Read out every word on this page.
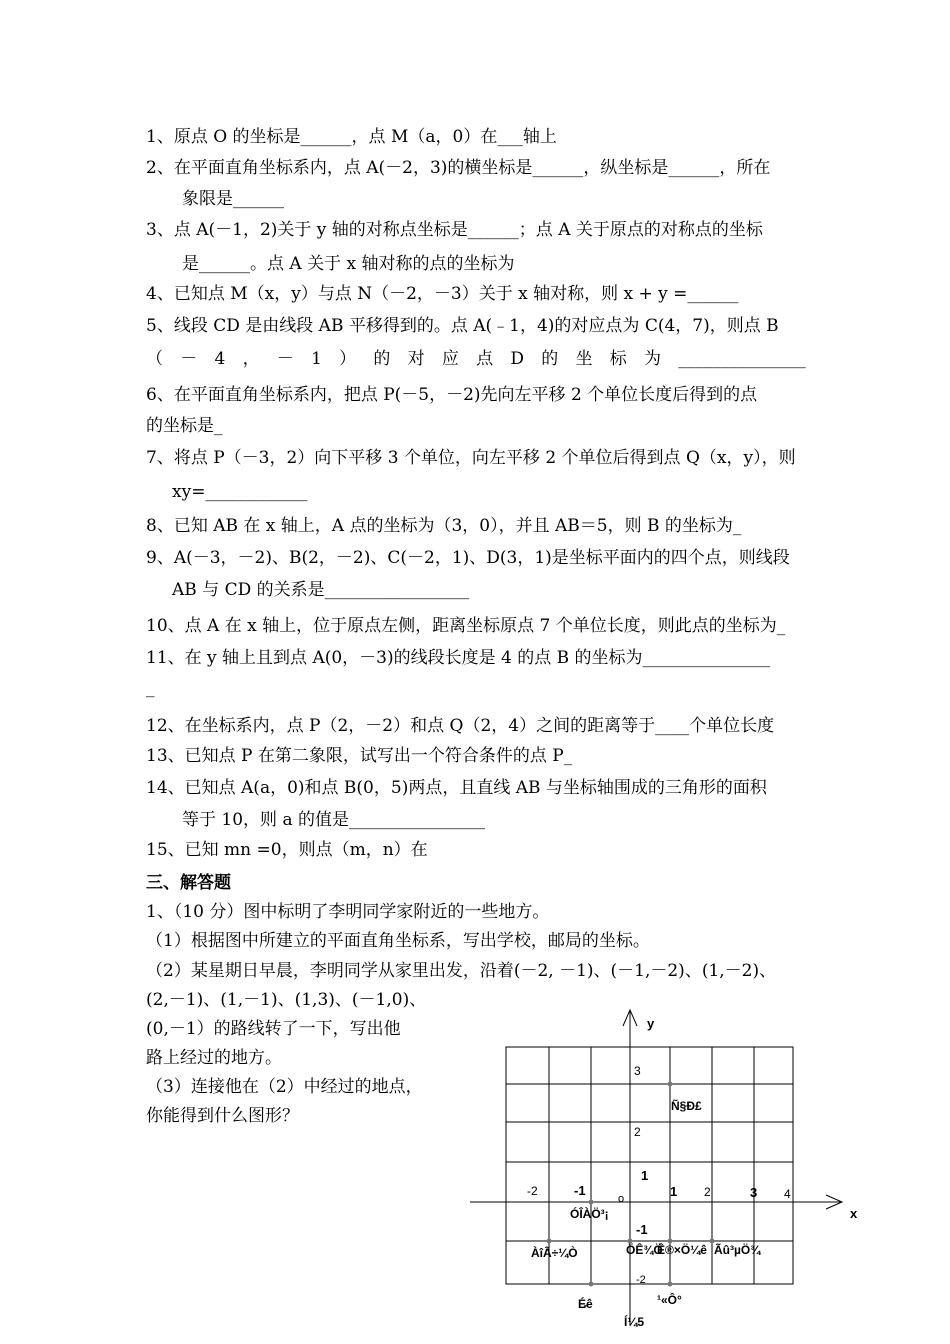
1、原点 O 的坐标是______，点 M（a，0）在___轴上
2、在平面直角坐标系内，点 A(－2，3)的横坐标是______，纵坐标是______，所在
象限是______
3、点 A(－1，2)关于 y 轴的对称点坐标是______；点 A 关于原点的对称点的坐标
是______。点 A 关于 x 轴对称的点的坐标为
4、已知点 M（x，y）与点 N（－2，－3）关于 x 轴对称，则 x + y =______
5、线段 CD 是由线段 AB 平移得到的。点 A(﹣1，4)的对应点为 C(4，7)，则点 B
（ － 4 ， － 1 ） 的 对 应 点 D 的 坐 标 为 _______________
6、在平面直角坐标系内，把点 P(－5，－2)先向左平移 2 个单位长度后得到的点
的坐标是_
7、将点 P（－3，2）向下平移 3 个单位，向左平移 2 个单位后得到点 Q（x，y），则
xy=____________
8、已知 AB 在 x 轴上，A 点的坐标为（3，0），并且 AB＝5，则 B 的坐标为_
9、A(－3，－2)、B(2，－2)、C(－2，1)、D(3，1)是坐标平面内的四个点，则线段
AB 与 CD 的关系是_________________
10、点 A 在 x 轴上，位于原点左侧，距离坐标原点 7 个单位长度，则此点的坐标为_
11、在 y 轴上且到点 A(0，－3)的线段长度是 4 的点 B 的坐标为_______________
_
12、在坐标系内，点 P（2，－2）和点 Q（2，4）之间的距离等于____个单位长度
13、已知点 P 在第二象限，试写出一个符合条件的点 P_
14、已知点 A(a，0)和点 B(0，5)两点，且直线 AB 与坐标轴围成的三角形的面积
等于 10，则 a 的值是________________
15、已知 mn =0，则点（m，n）在
三、解答题
1、（10 分）图中标明了李明同学家附近的一些地方。
（1）根据图中所建立的平面直角坐标系，写出学校，邮局的坐标。
（2）某星期日早晨，李明同学从家里出发，沿着(－2, －1)、(－1,－2)、(1,－2)、
(2,－1)、(1,－1)、(1,3)、(－1,0)、
(0,－1）的路线转了一下，写出他
路上经过的地方。
（3）连接他在（2）中经过的地点，
你能得到什么图形？
x
y
o
-2	-1	1 2	3 4
3
2
1
-1
-2
Ñ§Ð£
ÓÎÀÖ³¡
ÀîÃ÷¼Ò	ÖÊ¾Ö
Ê®×Ö¼ê Ãû³µÖ¾
É̵ê	¹«Ô°
Í¼5
